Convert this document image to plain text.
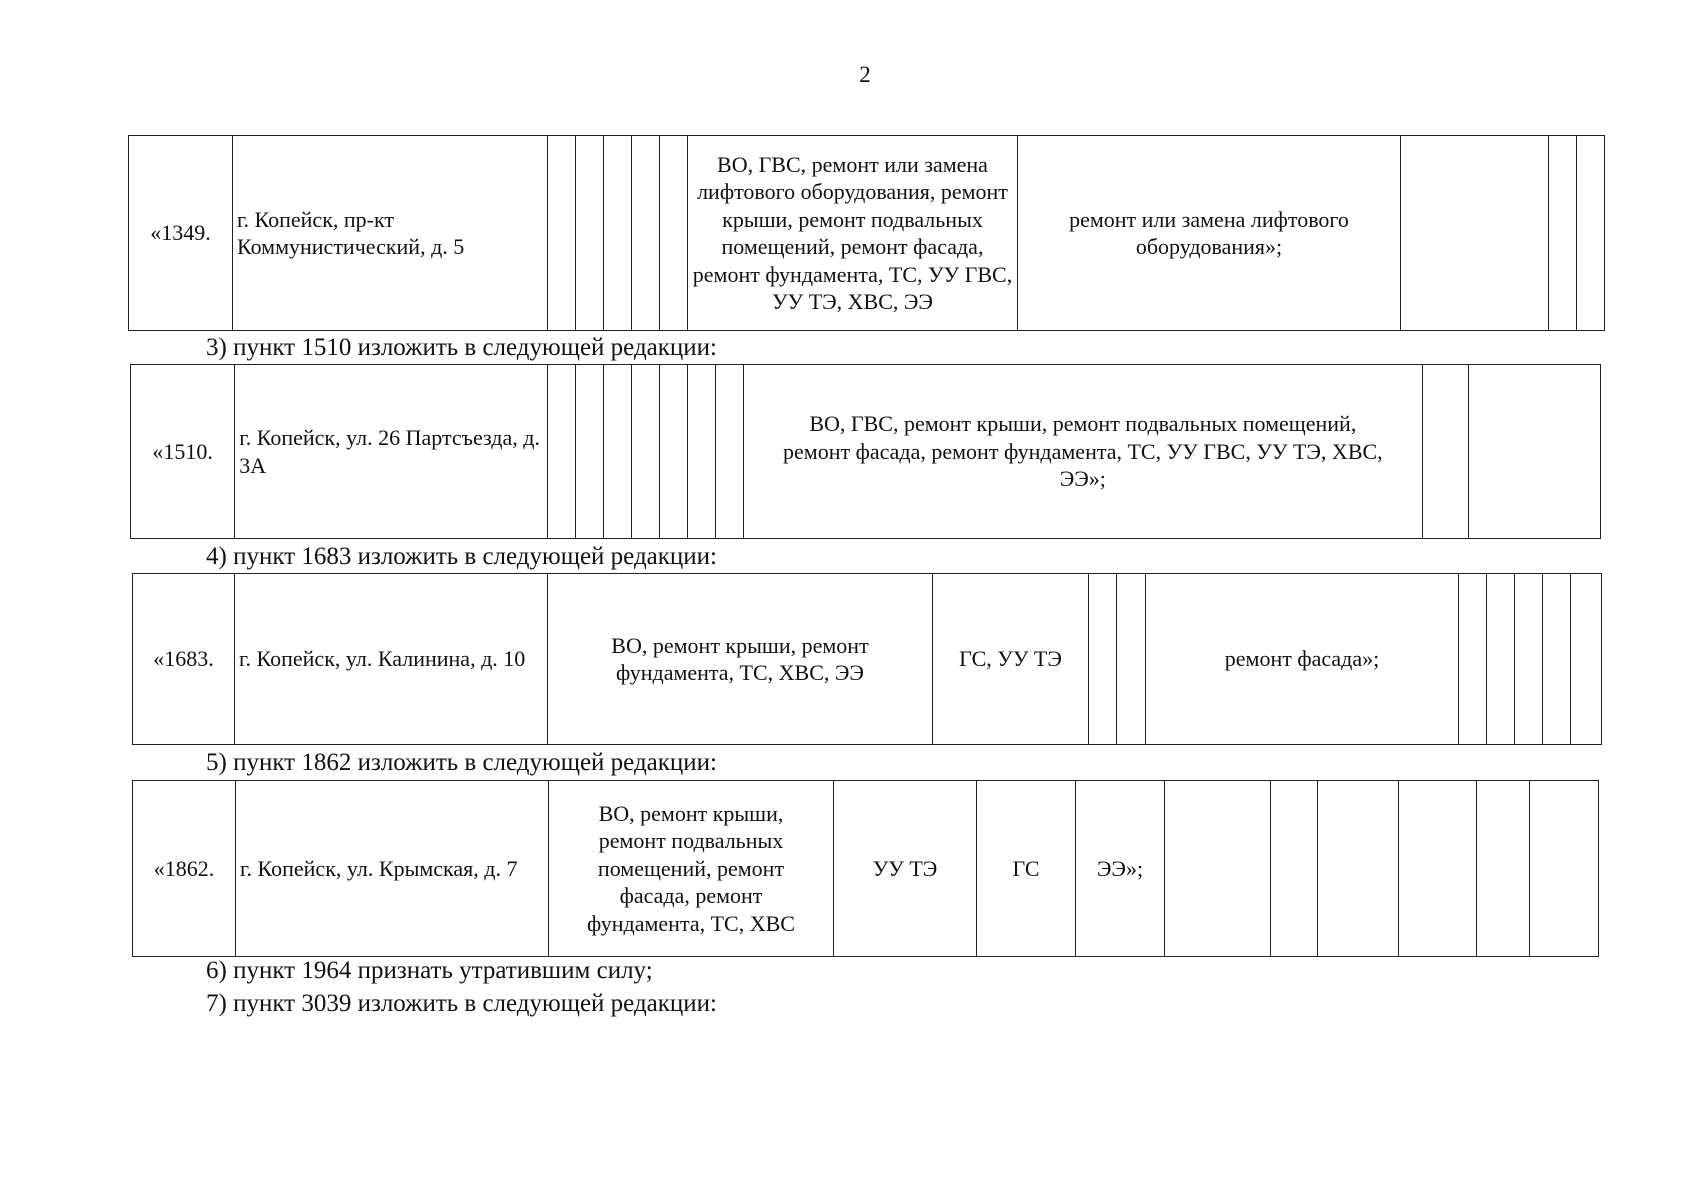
2
«1349.	г. Копейск, пр-кт Коммунистический, д. 5						ВО, ГВС, ремонт или замена лифтового оборудования, ремонт крыши, ремонт подвальных помещений, ремонт фасада, ремонт фундамента, ТС, УУ ГВС, УУ ТЭ, ХВС, ЭЭ	ремонт или замена лифтового оборудования»;			
3) пункт 1510 изложить в следующей редакции:
«1510.	г. Копейск, ул. 26 Партсъезда, д. 3А								ВО, ГВС, ремонт крыши, ремонт подвальных помещений, ремонт фасада, ремонт фундамента, ТС, УУ ГВС, УУ ТЭ, ХВС, ЭЭ»;		
4) пункт 1683 изложить в следующей редакции:
«1683.	г. Копейск, ул. Калинина, д. 10	ВО, ремонт крыши, ремонт фундамента, ТС, ХВС, ЭЭ	ГС, УУ ТЭ			ремонт фасада»;					
5) пункт 1862 изложить в следующей редакции:
«1862.	г. Копейск, ул. Крымская, д. 7	ВО, ремонт крыши, ремонт подвальных помещений, ремонт фасада, ремонт фундамента, ТС, ХВС	УУ ТЭ	ГС	ЭЭ»;						
6) пункт 1964 признать утратившим силу;
7) пункт 3039 изложить в следующей редакции:
